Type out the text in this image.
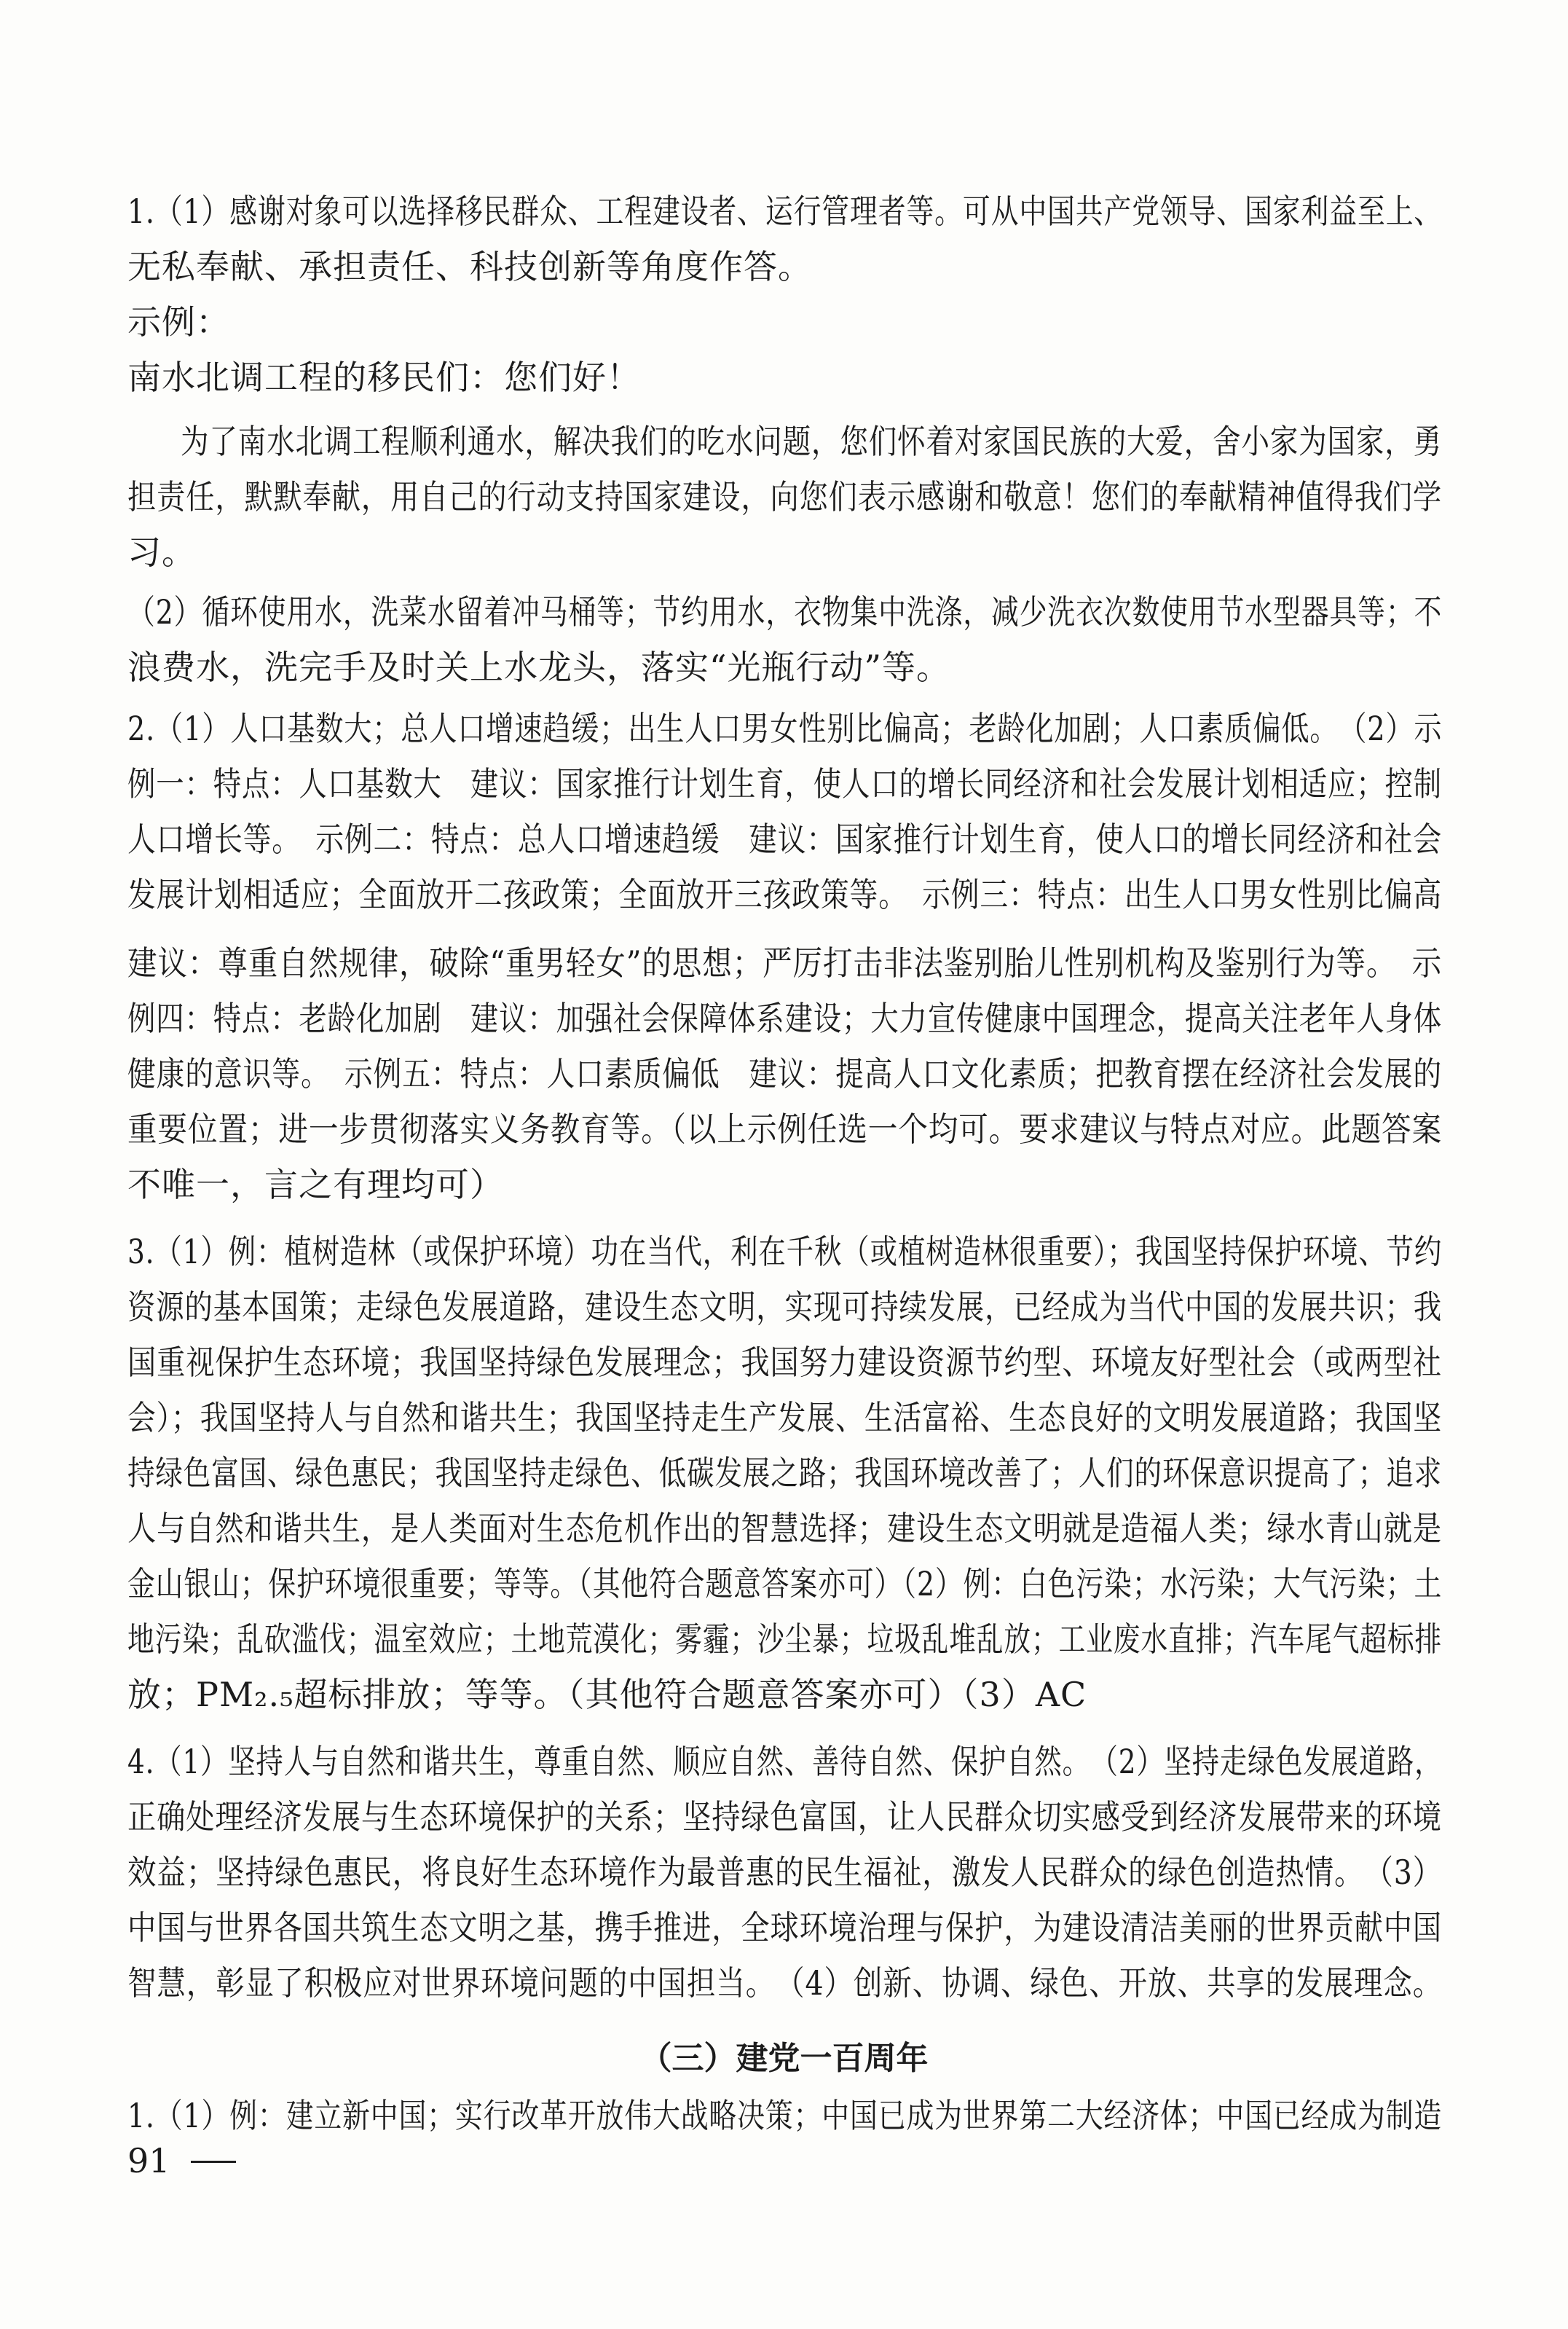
1.（1）感谢对象可以选择移民群众、工程建设者、运行管理者等。可从中国共产党领导、国家利益至上、
无私奉献、承担责任、科技创新等角度作答。
示例：
南水北调工程的移民们：您们好！
为了南水北调工程顺利通水，解决我们的吃水问题，您们怀着对家国民族的大爱，舍小家为国家，勇
担责任，默默奉献，用自己的行动支持国家建设，向您们表示感谢和敬意！您们的奉献精神值得我们学
习。
（2）循环使用水，洗菜水留着冲马桶等；节约用水，衣物集中洗涤，减少洗衣次数使用节水型器具等；不
浪费水，洗完手及时关上水龙头，落实“光瓶行动”等。
2.（1）人口基数大；总人口增速趋缓；出生人口男女性别比偏高；老龄化加剧；人口素质偏低。　（2）示
例一：特点：人口基数大　建议：国家推行计划生育，使人口的增长同经济和社会发展计划相适应；控制
人口增长等。　示例二：特点：总人口增速趋缓　建议：国家推行计划生育，使人口的增长同经济和社会
发展计划相适应；全面放开二孩政策；全面放开三孩政策等。　示例三：特点：出生人口男女性别比偏高
建议：尊重自然规律，破除“重男轻女”的思想；严厉打击非法鉴别胎儿性别机构及鉴别行为等。　示
例四：特点：老龄化加剧　建议：加强社会保障体系建设；大力宣传健康中国理念，提高关注老年人身体
健康的意识等。　示例五：特点：人口素质偏低　建议：提高人口文化素质；把教育摆在经济社会发展的
重要位置；进一步贯彻落实义务教育等。（以上示例任选一个均可。要求建议与特点对应。此题答案
不唯一，言之有理均可）
3.（1）例：植树造林（或保护环境）功在当代，利在千秋（或植树造林很重要）；我国坚持保护环境、节约
资源的基本国策；走绿色发展道路，建设生态文明，实现可持续发展，已经成为当代中国的发展共识；我
国重视保护生态环境；我国坚持绿色发展理念；我国努力建设资源节约型、环境友好型社会（或两型社
会）；我国坚持人与自然和谐共生；我国坚持走生产发展、生活富裕、生态良好的文明发展道路；我国坚
持绿色富国、绿色惠民；我国坚持走绿色、低碳发展之路；我国环境改善了；人们的环保意识提高了；追求
人与自然和谐共生，是人类面对生态危机作出的智慧选择；建设生态文明就是造福人类；绿水青山就是
金山银山；保护环境很重要；等等。（其他符合题意答案亦可）（2）例：白色污染；水污染；大气污染；土
地污染；乱砍滥伐；温室效应；土地荒漠化；雾霾；沙尘暴；垃圾乱堆乱放；工业废水直排；汽车尾气超标排
放；PM₂.₅超标排放；等等。（其他符合题意答案亦可）（3）AC
4.（1）坚持人与自然和谐共生，尊重自然、顺应自然、善待自然、保护自然。　（2）坚持走绿色发展道路，
正确处理经济发展与生态环境保护的关系；坚持绿色富国，让人民群众切实感受到经济发展带来的环境
效益；坚持绿色惠民，将良好生态环境作为最普惠的民生福祉，激发人民群众的绿色创造热情。　（3）
中国与世界各国共筑生态文明之基，携手推进，全球环境治理与保护，为建设清洁美丽的世界贡献中国
智慧，彰显了积极应对世界环境问题的中国担当。　（4）创新、协调、绿色、开放、共享的发展理念。
（三）建党一百周年
1.（1）例：建立新中国；实行改革开放伟大战略决策；中国已成为世界第二大经济体；中国已经成为制造
91
